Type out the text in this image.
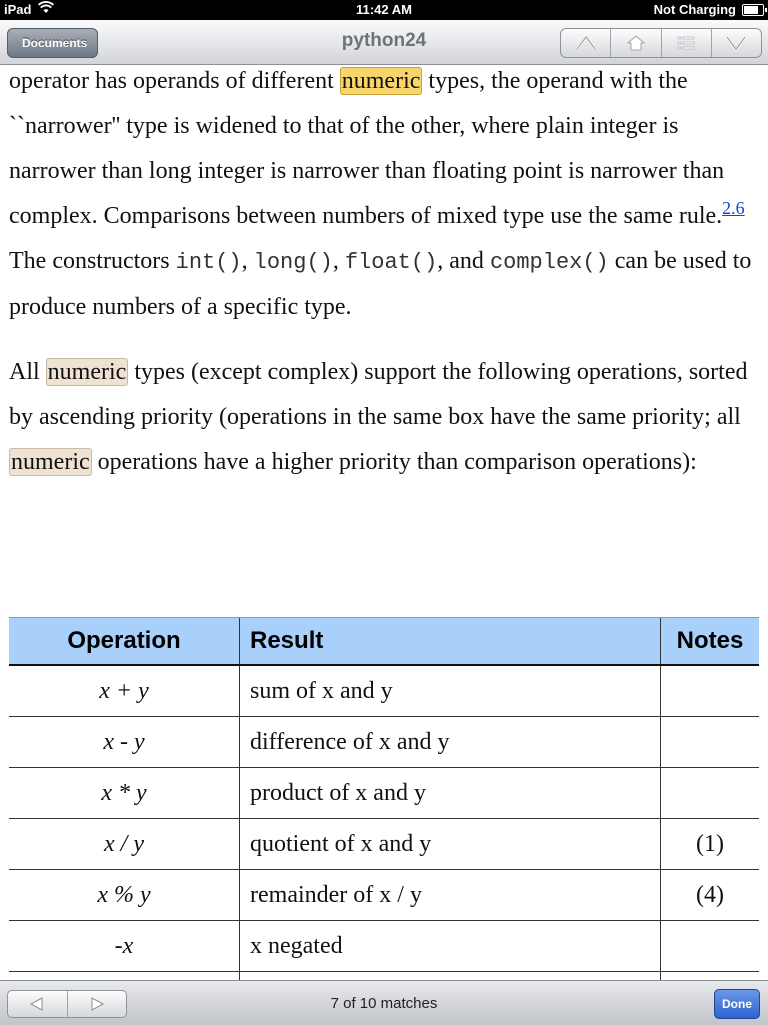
iPad	11:42 AM	Not Charging
Documents	python24

operator has operands of different numeric types, the operand with the ``narrower'' type is widened to that of the other, where plain integer is narrower than long integer is narrower than floating point is narrower than complex. Comparisons between numbers of mixed type use the same rule.$^{2.6}$ The constructors int(), long(), float(), and complex() can be used to produce numbers of a specific type.

All numeric types (except complex) support the following operations, sorted by ascending priority (operations in the same box have the same priority; all numeric operations have a higher priority than comparison operations):

Operation	Result	Notes
x + y	sum of x and y	
x - y	difference of x and y	
x * y	product of x and y	
x / y	quotient of x and y	(1)
x % y	remainder of x / y	(4)
-x	x negated	

7 of 10 matches	Done
